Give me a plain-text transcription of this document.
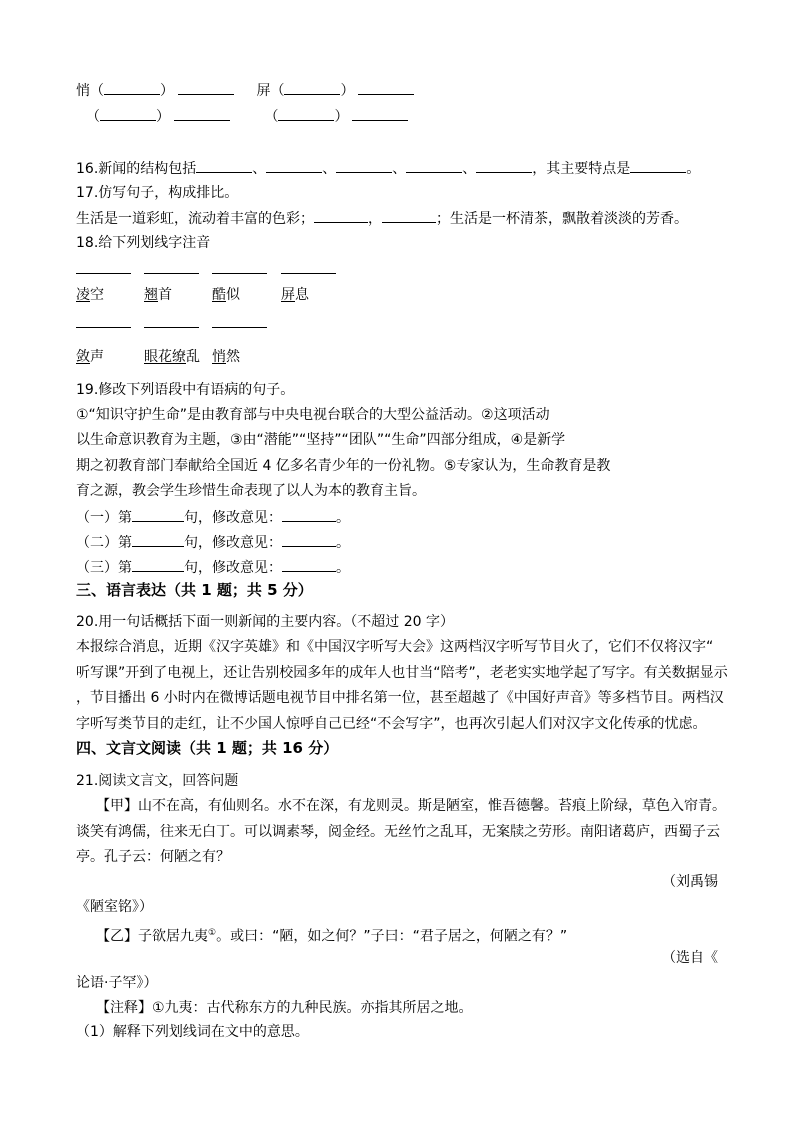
悄（	）	屏（	）
（	）	（	）
16.新闻的结构包括	、	、	、	、	，其主要特点是	。
17.仿写句子，构成排比。
生活是一道彩虹，流动着丰富的色彩；	，	；生活是一杯清茶，飘散着淡淡的芳香。
18.给下列划线字注音
凌空	翘首	酷似	屏息
敛声	眼花缭乱 悄然
19.修改下列语段中有语病的句子。
①“知识守护生命”是由教育部与中央电视台联合的大型公益活动。②这项活动
以生命意识教育为主题，③由“潜能”“坚持”“团队”“生命”四部分组成，④是新学
期之初教育部门奉献给全国近 4 亿多名青少年的一份礼物。⑤专家认为，生命教育是教
育之源，教会学生珍惜生命表现了以人为本的教育主旨。
（一）第	句，修改意见：	。
（二）第	句，修改意见：	。
（三）第	句，修改意见：	。
三、语言表达（共 1 题；共 5 分）
20.用一句话概括下面一则新闻的主要内容。（不超过 20 字）
本报综合消息，近期《汉字英雄》和《中国汉字听写大会》这两档汉字听写节目火了，它们不仅将汉字“
听写课”开到了电视上，还让告别校园多年的成年人也甘当“陪考”，老老实实地学起了写字。有关数据显示
，节目播出 6 小时内在微博话题电视节目中排名第一位，甚至超越了《中国好声音》等多档节目。两档汉
字听写类节目的走红，让不少国人惊呼自己已经“不会写字”，也再次引起人们对汉字文化传承的忧虑。
四、文言文阅读（共 1 题；共 16 分）
21.阅读文言文，回答问题
【甲】山不在高，有仙则名。水不在深，有龙则灵。斯是陋室，惟吾德馨。苔痕上阶绿，草色入帘青。
谈笑有鸿儒，往来无白丁。可以调素琴，阅金经。无丝竹之乱耳，无案牍之劳形。南阳诸葛庐，西蜀子云
亭。孔子云：何陋之有？
（刘禹锡
《陋室铭》）
【乙】子欲居九夷①。或曰：“陋，如之何？”子曰：“君子居之，何陋之有？”
（选自《
论语·子罕》）
【注释】①九夷：古代称东方的九种民族。亦指其所居之地。
（1）解释下列划线词在文中的意思。
